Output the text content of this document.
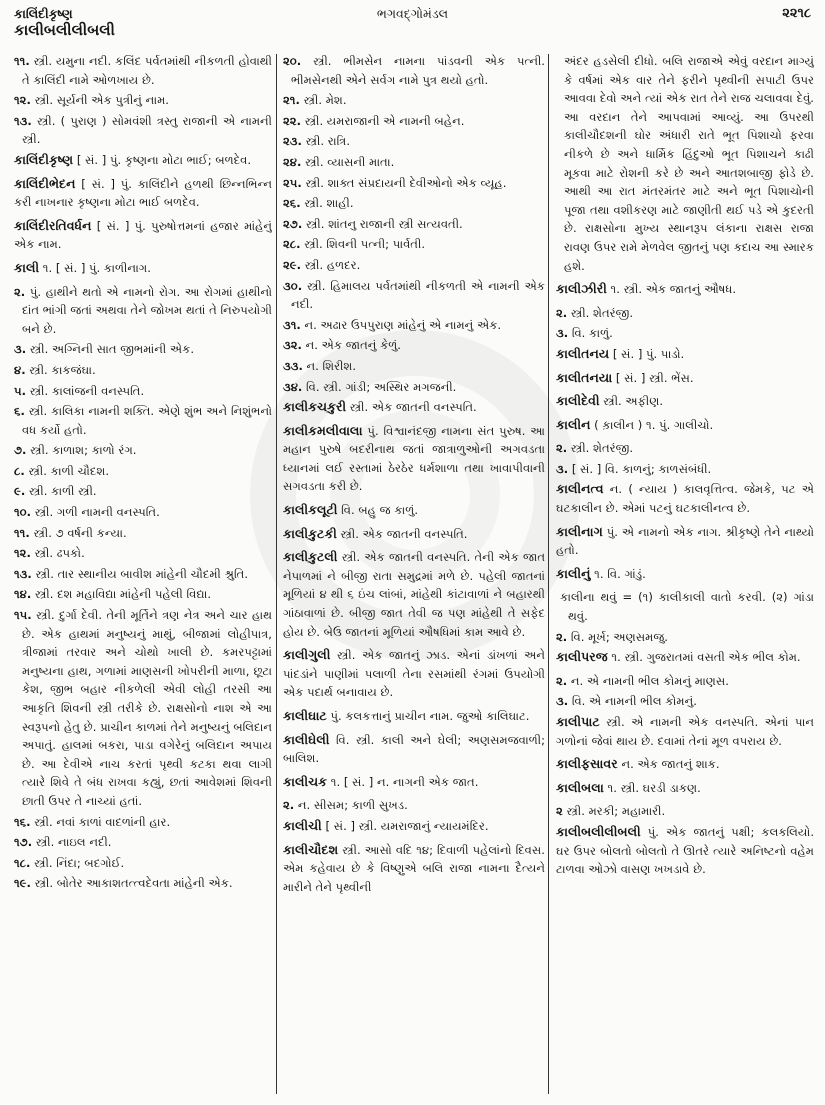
કાલિંદીકૃષ્ણ
કાલીબલીલીબલી
ભગવદ્ગોમંડલ	૨૨૧૮
૧૧. સ્ત્રી. યમુના નદી. કલિંદ પર્વતમાંથી નીકળતી હોવાથી તે કાલિંદી નામે ઓળખાય છે.
૧૨. સ્ત્રી. સૂર્યની એક પુત્રીનું નામ.
૧૩. સ્ત્રી. ( પુરાણ ) સોમવંશી ત્રસ્તુ રાજાની એ નામની સ્ત્રી.
કાલિંદીકૃષ્ણ [ સં. ] પું. કૃષ્ણના મોટા ભાઈ; બળદેવ.
કાલિંદીભેદન [ સં. ] પું. કાલિંદીને હળથી છિન્નભિન્ન કરી નાખનાર કૃષ્ણના મોટા ભાઈ બળદેવ.
કાલિંદીરતિવર્ધન [ સં. ] પું. પુરુષોત્તમનાં હજાર માંહેનું એક નામ.
કાલી ૧. [ સં. ] પું. કાળીનાગ.
૨. પું. હાથીને થતો એ નામનો રોગ. આ રોગમાં હાથીનો દાંત ભાંગી જતાં અથવા તેને જોખમ થતાં તે નિરુપયોગી બને છે.
૩. સ્ત્રી. અગ્નિની સાત જીભમાંની એક.
૪. સ્ત્રી. કાકજંઘા.
૫. સ્ત્રી. કાલાંજની વનસ્પતિ.
૬. સ્ત્રી. કાલિકા નામની શક્તિ. એણે શુંભ અને નિશુંભનો વધ કર્યો હતો.
૭. સ્ત્રી. કાળાશ; કાળો રંગ.
૮. સ્ત્રી. કાળી ચૌદશ.
૯. સ્ત્રી. કાળી સ્ત્રી.
૧૦. સ્ત્રી. ગળી નામની વનસ્પતિ.
૧૧. સ્ત્રી. ૭ વર્ષની કન્યા.
૧૨. સ્ત્રી. ઢપકો.
૧૩. સ્ત્રી. તાર સ્થાનીય બાવીશ માંહેની ચૌદમી શ્રુતિ.
૧૪. સ્ત્રી. દશ મહાવિદ્યા માંહેની પહેલી વિદ્યા.
૧૫. સ્ત્રી. દુર્ગા દેવી. તેની મૂર્તિને ત્રણ નેત્ર અને ચાર હાથ છે. એક હાથમાં મનુષ્યનું માથું, બીજામાં લોહીપાત્ર, ત્રીજામાં તરવાર અને ચોથો ખાલી છે. કમરપટ્ટામાં મનુષ્યના હાથ, ગળામાં માણસની ખોપરીની માળા, છૂટા કેશ, જીભ બહાર નીકળેલી એવી લોહી તરસી આ આકૃતિ શિવની સ્ત્રી તરીકે છે. રાક્ષસોનો નાશ એ આ સ્વરૂપનો હેતુ છે. પ્રાચીન કાળમાં તેને મનુષ્યનું બલિદાન અપાતું. હાલમાં બકરા, પાડા વગેરેનું બલિદાન અપાય છે. આ દેવીએ નાચ કરતાં પૃથ્વી કટકા થવા લાગી ત્યારે શિવે તે બંધ રાખવા કહ્યું, છતાં આવેશમાં શિવની છાતી ઉપર તે નાચ્યાં હતાં.
૧૬. સ્ત્રી. નવાં કાળાં વાદળાંની હાર.
૧૭. સ્ત્રી. નાઇલ નદી.
૧૮. સ્ત્રી. નિંદા; બદગોઈ.
૧૯. સ્ત્રી. બોતેર આકાશતત્ત્વદેવતા માંહેની એક.
૨૦. સ્ત્રી. ભીમસેન નામના પાંડવની એક પત્ની. ભીમસેનથી એને સર્વગ નામે પુત્ર થયો હતો.
૨૧. સ્ત્રી. મેશ.
૨૨. સ્ત્રી. યમરાજાની એ નામની બહેન.
૨૩. સ્ત્રી. રાત્રિ.
૨૪. સ્ત્રી. વ્યાસની માતા.
૨૫. સ્ત્રી. શાક્ત સંપ્રદાયની દેવીઓનો એક વ્યૂહ.
૨૬. સ્ત્રી. શાહી.
૨૭. સ્ત્રી. શાંતનુ રાજાની સ્ત્રી સત્યવતી.
૨૮. સ્ત્રી. શિવની પત્ની; પાર્વતી.
૨૯. સ્ત્રી. હળદર.
૩૦. સ્ત્રી. હિમાલય પર્વતમાંથી નીકળતી એ નામની એક નદી.
૩૧. ન. અઢાર ઉપપુરાણ માંહેનું એ નામનું એક.
૩૨. ન. એક જાતનું કેળું.
૩૩. ન. શિરીશ.
૩૪. વિ. સ્ત્રી. ગાંડી; અસ્થિર મગજની.
કાલીકચકુરી સ્ત્રી. એક જાતની વનસ્પતિ.
કાલીકમલીવાલા પું. વિશ્વાનંદજી નામના સંત પુરુષ. આ મહાન પુરુષે બદરીનાથ જતાં જાત્રાળુઓની અગવડતા ધ્યાનમાં લઈ રસ્તામાં ઠેરઠેર ધર્મશાળા તથા ખાવાપીવાની સગવડતા કરી છે.
કાલીકલૂટી વિ. બહુ જ કાળું.
કાલીકુટકી સ્ત્રી. એક જાતની વનસ્પતિ.
કાલીકુટલી સ્ત્રી. એક જાતની વનસ્પતિ. તેની એક જાત નેપાળમાં ને બીજી રાતા સમુદ્રમાં મળે છે. પહેલી જાતનાં મૂળિયાં ૪ થી ૬ ઇંચ લાંબાં, માંહેથી કાંટાવાળાં ને બહારથી ગાંઠાવાળાં છે. બીજી જાત તેવી જ પણ માંહેથી તે સફેદ હોય છે. બેઉ જાતનાં મૂળિયાં ઔષધિમાં કામ આવે છે.
કાલીગુલી સ્ત્રી. એક જાતનું ઝાડ. એનાં ડાંખળાં અને પાંદડાંને પાણીમાં પલાળી તેના રસમાંથી રંગમાં ઉપયોગી એક પદાર્થ બનાવાય છે.
કાલીઘાટ પું. કલકત્તાનું પ્રાચીન નામ. જુઓ કાલિઘાટ.
કાલીઘેલી વિ. સ્ત્રી. કાલી અને ઘેલી; અણસમજવાળી; બાલિશ.
કાલીચક ૧. [ સં. ] ન. નાગની એક જાત.
૨. ન. સીસમ; કાળી સુખડ.
કાલીચી [ સં. ] સ્ત્રી. યમરાજાનું ન્યાયમંદિર.
કાલીચૌદશ સ્ત્રી. આસો વદિ ૧૪; દિવાળી પહેલાંનો દિવસ. એમ કહેવાય છે કે વિષ્ણુએ બલિ રાજા નામના દૈત્યને મારીને તેને પૃથ્વીની
અંદર હડસેલી દીધો. બલિ રાજાએ એવું વરદાન માગ્યું કે વર્ષમાં એક વાર તેને ફરીને પૃથ્વીની સપાટી ઉપર આવવા દેવો અને ત્યાં એક રાત તેને રાજ ચલાવવા દેવું. આ વરદાન તેને આપવામાં આવ્યું. આ ઉપરથી કાલીચૌદશની ઘોર અંધારી રાતે ભૂત પિશાચો ફરવા નીકળે છે અને ધાર્મિક હિંદુઓ ભૂત પિશાચને કાઢી મૂકવા માટે રોશની કરે છે અને આતશબાજી ફોડે છે. આથી આ રાત મંતરમંતર માટે અને ભૂત પિશાચોની પૂજા તથા વશીકરણ માટે જાણીતી થઈ પડે એ કુદરતી છે. રાક્ષસોના મુખ્ય સ્થાનરૂપ લંકાના રાક્ષસ રાજા રાવણ ઉપર રામે મેળવેલ જીતનું પણ કદાચ આ સ્મારક હશે.
કાલીઝીરી ૧. સ્ત્રી. એક જાતનું ઔષધ.
૨. સ્ત્રી. શેતરંજી.
૩. વિ. કાળું.
કાલીતનય [ સં. ] પું. પાડો.
કાલીતનયા [ સં. ] સ્ત્રી. ભેંસ.
કાલીદેવી સ્ત્રી. અફીણ.
કાલીન ( ક઼ાલીન ) ૧. પું. ગાલીચો.
૨. સ્ત્રી. શેતરંજી.
૩. [ સં. ] વિ. કાળનું; કાળસંબંધી.
કાલીનત્વ ન. ( ન્યાય ) કાલવૃત્તિત્વ. જેમકે, પટ એ ઘટકાલીન છે. એમાં પટનું ઘટકાલીનત્વ છે.
કાલીનાગ પું. એ નામનો એક નાગ. શ્રીકૃષ્ણે તેને નાથ્યો હતો.
કાલીનું ૧. વિ. ગાંડું.
કાલીના થવું = (૧) કાલીકાલી વાતો કરવી. (૨) ગાંડા થવું.
૨. વિ. મૂર્ખ; અણસમજુ.
કાલીપરજ ૧. સ્ત્રી. ગુજરાતમાં વસતી એક ભીલ કોમ.
૨. ન. એ નામની ભીલ કોમનું માણસ.
૩. વિ. એ નામની ભીલ કોમનું.
કાલીપાટ સ્ત્રી. એ નામની એક વનસ્પતિ. એનાં પાન ગળોનાં જેવાં થાય છે. દવામાં તેનાં મૂળ વપરાય છે.
કાલીફસાવર ન. એક જાતનું શાક.
કાલીબલા ૧. સ્ત્રી. ઘરડી ડાકણ.
૨ સ્ત્રી. મરકી; મહામારી.
કાલીબલીલીબલી પું. એક જાતનું પક્ષી; કલકલિયો. ઘર ઉપર બોલતો બોલતો તે ઊતરે ત્યારે અનિષ્ટનો વહેમ ટાળવા ઓઝો વાસણ ખખડાવે છે.
